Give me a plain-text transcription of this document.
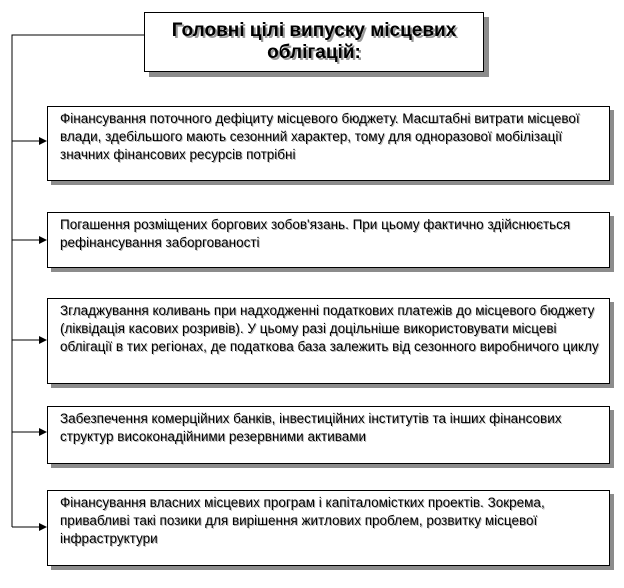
Головні цілі випуску місцевих облігацій:
Фінансування поточного дефіциту місцевого бюджету. Масштабні витрати місцевої влади, здебільшого мають сезонний характер, тому для одноразової мобілізації значних фінансових ресурсів потрібні
Погашення розміщених боргових зобов'язань. При цьому фактично здійснюється рефінансування заборгованості
Згладжування коливань при надходженні податкових платежів до місцевого бюджету (ліквідація касових розривів). У цьому разі доцільніше використовувати місцеві облігації в тих регіонах, де податкова база залежить від сезонного виробничого циклу
Забезпечення комерційних банків, інвестиційних інститутів та інших фінансових структур високонадійними резервними активами
Фінансування власних місцевих програм і капіталомістких проектів. Зокрема, привабливі такі позики для вирішення житлових проблем, розвитку місцевої інфраструктури
